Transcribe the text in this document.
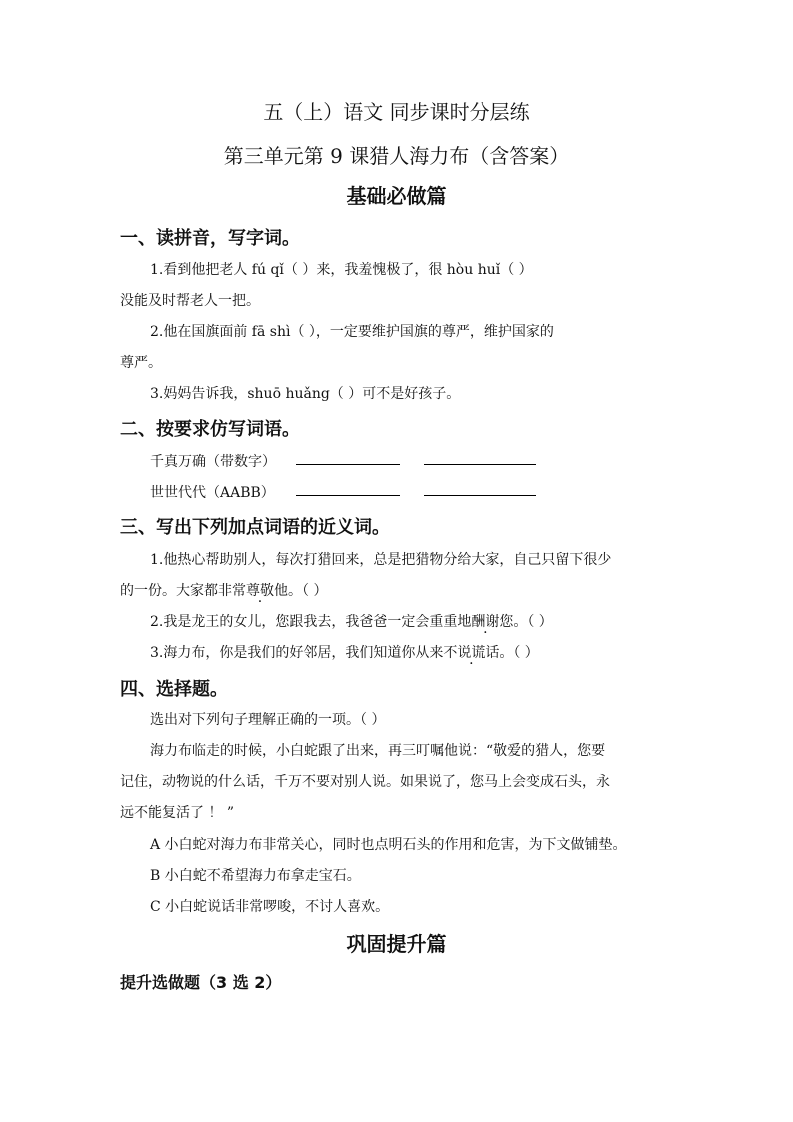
五（上）语文 同步课时分层练
第三单元第 9 课猎人海力布（含答案）
基础必做篇
一、读拼音，写字词。
1.看到他把老人 fú qǐ（ ）来，我羞愧极了，很 hòu huǐ（ ）
没能及时帮老人一把。
2.他在国旗面前 fā shì（ ），一定要维护国旗的尊严，维护国家的
尊严。
3.妈妈告诉我，shuō huǎng（ ）可不是好孩子。
二、按要求仿写词语。
千真万确（带数字）
世世代代（AABB）
三、写出下列加点词语的近义词。
1.他热心帮助别人，每次打猎回来，总是把猎物分给大家，自己只留下很少
的一份。大家都非常尊敬他。（ ）
2.我是龙王的女儿，您跟我去，我爸爸一定会重重地酬谢您。（ ）
3.海力布，你是我们的好邻居，我们知道你从来不说谎话。（ ）
四、选择题。
选出对下列句子理解正确的一项。（ ）
海力布临走的时候，小白蛇跟了出来，再三叮嘱他说：“敬爱的猎人，您要
记住，动物说的什么话，千万不要对别人说。如果说了，您马上会变成石头，永
远不能复活了 ！ ”
A 小白蛇对海力布非常关心，同时也点明石头的作用和危害，为下文做铺垫。
B 小白蛇不希望海力布拿走宝石。
C 小白蛇说话非常啰唆，不讨人喜欢。
巩固提升篇
提升选做题（3 选 2）
